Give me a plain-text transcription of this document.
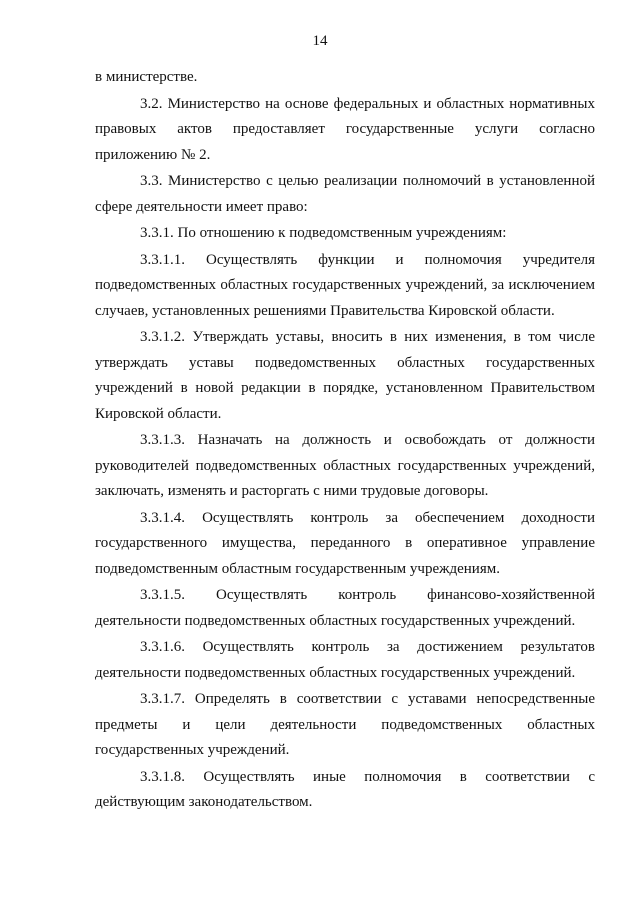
14

в министерстве.

3.2. Министерство на основе федеральных и областных нормативных правовых актов предоставляет государственные услуги согласно приложению № 2.

3.3. Министерство с целью реализации полномочий в установленной сфере деятельности имеет право:

3.3.1. По отношению к подведомственным учреждениям:

3.3.1.1. Осуществлять функции и полномочия учредителя подведомственных областных государственных учреждений, за исключением случаев, установленных решениями Правительства Кировской области.

3.3.1.2. Утверждать уставы, вносить в них изменения, в том числе утверждать уставы подведомственных областных государственных учреждений в новой редакции в порядке, установленном Правительством Кировской области.

3.3.1.3. Назначать на должность и освобождать от должности руководителей подведомственных областных государственных учреждений, заключать, изменять и расторгать с ними трудовые договоры.

3.3.1.4. Осуществлять контроль за обеспечением доходности государственного имущества, переданного в оперативное управление подведомственным областным государственным учреждениям.

3.3.1.5. Осуществлять контроль финансово-хозяйственной деятельности подведомственных областных государственных учреждений.

3.3.1.6. Осуществлять контроль за достижением результатов деятельности подведомственных областных государственных учреждений.

3.3.1.7. Определять в соответствии с уставами непосредственные предметы и цели деятельности подведомственных областных государственных учреждений.

3.3.1.8. Осуществлять иные полномочия в соответствии с действующим законодательством.
